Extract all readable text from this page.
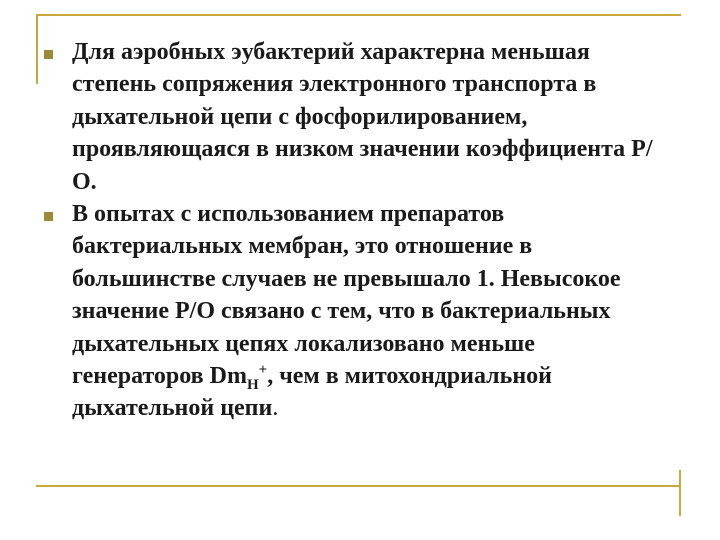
Для аэробных эубактерий характерна меньшая степень сопряжения электронного транспорта в дыхательной цепи с фосфорилированием, проявляющаяся в низком значении коэффициента Р/О.

В опытах с использованием препаратов бактериальных мембран, это отношение в большинстве случаев не превышало 1. Невысокое значение Р/О связано с тем, что в бактериальных дыхательных цепях локализовано меньше генераторов $Dm_H^+$, чем в митохондриальной дыхательной цепи.
